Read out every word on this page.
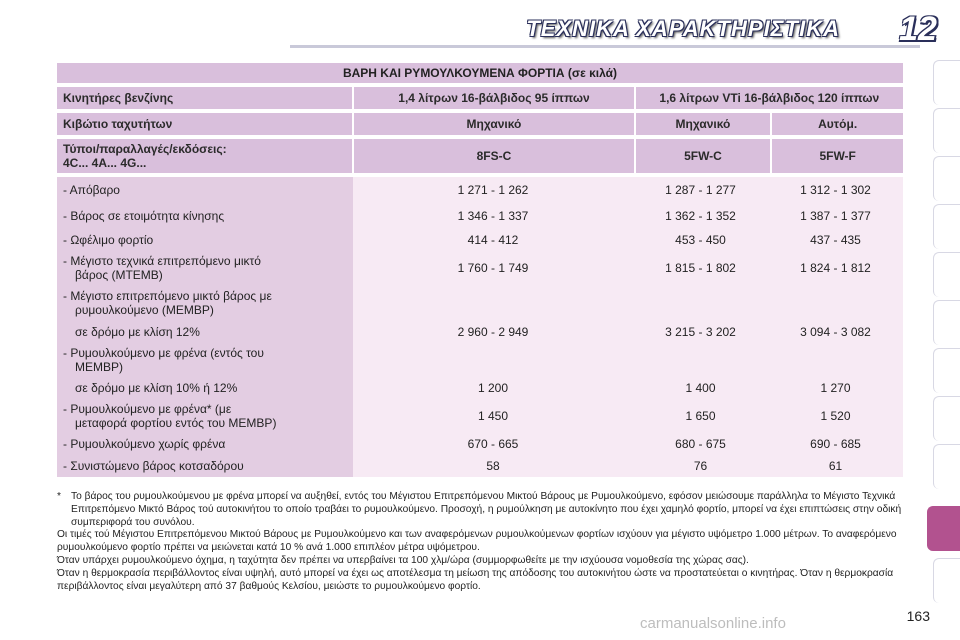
ΤΕΧΝΙΚΑ ΧΑΡΑΚΤΗΡΙΣΤΙΚΑ	12
ΒΑΡΗ ΚΑΙ ΡΥΜΟΥΛΚΟΥΜΕΝΑ ΦΟΡΤΙΑ (σε κιλά)
Κινητήρες βενζίνης	1,4 λίτρων 16-βάλβιδος 95 ίππων	1,6 λίτρων VTi 16-βάλβιδος 120 ίππων
Κιβώτιο ταχυτήτων	Μηχανικό	Μηχανικό	Αυτόμ.
Τύποι/παραλλαγές/εκδόσεις:
4C... 4A... 4G...	8FS-C	5FW-C	5FW-F
- Απόβαρο	1 271 - 1 262	1 287 - 1 277	1 312 - 1 302
- Βάρος σε ετοιμότητα κίνησης	1 346 - 1 337	1 362 - 1 352	1 387 - 1 377
- Ωφέλιμο φορτίο	414 - 412	453 - 450	437 - 435
- Μέγιστο τεχνικά επιτρεπόμενο μικτό
βάρος (ΜΤΕΜΒ)	1 760 - 1 749	1 815 - 1 802	1 824 - 1 812
- Μέγιστο επιτρεπόμενο μικτό βάρος με
ρυμουλκούμενο (ΜΕΜΒΡ)
σε δρόμο με κλίση 12%	2 960 - 2 949	3 215 - 3 202	3 094 - 3 082
- Ρυμουλκούμενο με φρένα (εντός του
ΜΕΜΒΡ)
σε δρόμο με κλίση 10% ή 12%	1 200	1 400	1 270
- Ρυμουλκούμενο με φρένα* (με
μεταφορά φορτίου εντός του ΜΕΜΒΡ)	1 450	1 650	1 520
- Ρυμουλκούμενο χωρίς φρένα	670 - 665	680 - 675	690 - 685
- Συνιστώμενο βάρος κοτσαδόρου	58	76	61
* Το βάρος του ρυμουλκούμενου με φρένα μπορεί να αυξηθεί, εντός του Μέγιστου Επιτρεπόμενου Μικτού Βάρους με Ρυμουλκούμενο, εφόσον μειώσουμε παράλληλα το Μέγιστο Τεχνικά Επιτρεπόμενο Μικτό Βάρος τού αυτοκινήτου το οποίο τραβάει το ρυμουλκούμενο. Προσοχή, η ρυμούλκηση με αυτοκίνητο που έχει χαμηλό φορτίο, μπορεί να έχει επιπτώσεις στην οδική συμπεριφορά του συνόλου.
Οι τιμές τού Μέγιστου Επιτρεπόμενου Μικτού Βάρους με Ρυμουλκούμενο και των αναφερόμενων ρυμουλκούμενων φορτίων ισχύουν για μέγιστο υψόμετρο 1.000 μέτρων. Το αναφερόμενο ρυμουλκούμενο φορτίο πρέπει να μειώνεται κατά 10 % ανά 1.000 επιπλέον μέτρα υψόμετρου.
Όταν υπάρχει ρυμουλκούμενο όχημα, η ταχύτητα δεν πρέπει να υπερβαίνει τα 100 χλμ/ώρα (συμμορφωθείτε με την ισχύουσα νομοθεσία της χώρας σας).
Όταν η θερμοκρασία περιβάλλοντος είναι υψηλή, αυτό μπορεί να έχει ως αποτέλεσμα τη μείωση της απόδοσης του αυτοκινήτου ώστε να προστατεύεται ο κινητήρας. Όταν η θερμοκρασία περιβάλλοντος είναι μεγαλύτερη από 37 βαθμούς Κελσίου, μειώστε το ρυμουλκούμενο φορτίο.
carmanualsonline.info	163
